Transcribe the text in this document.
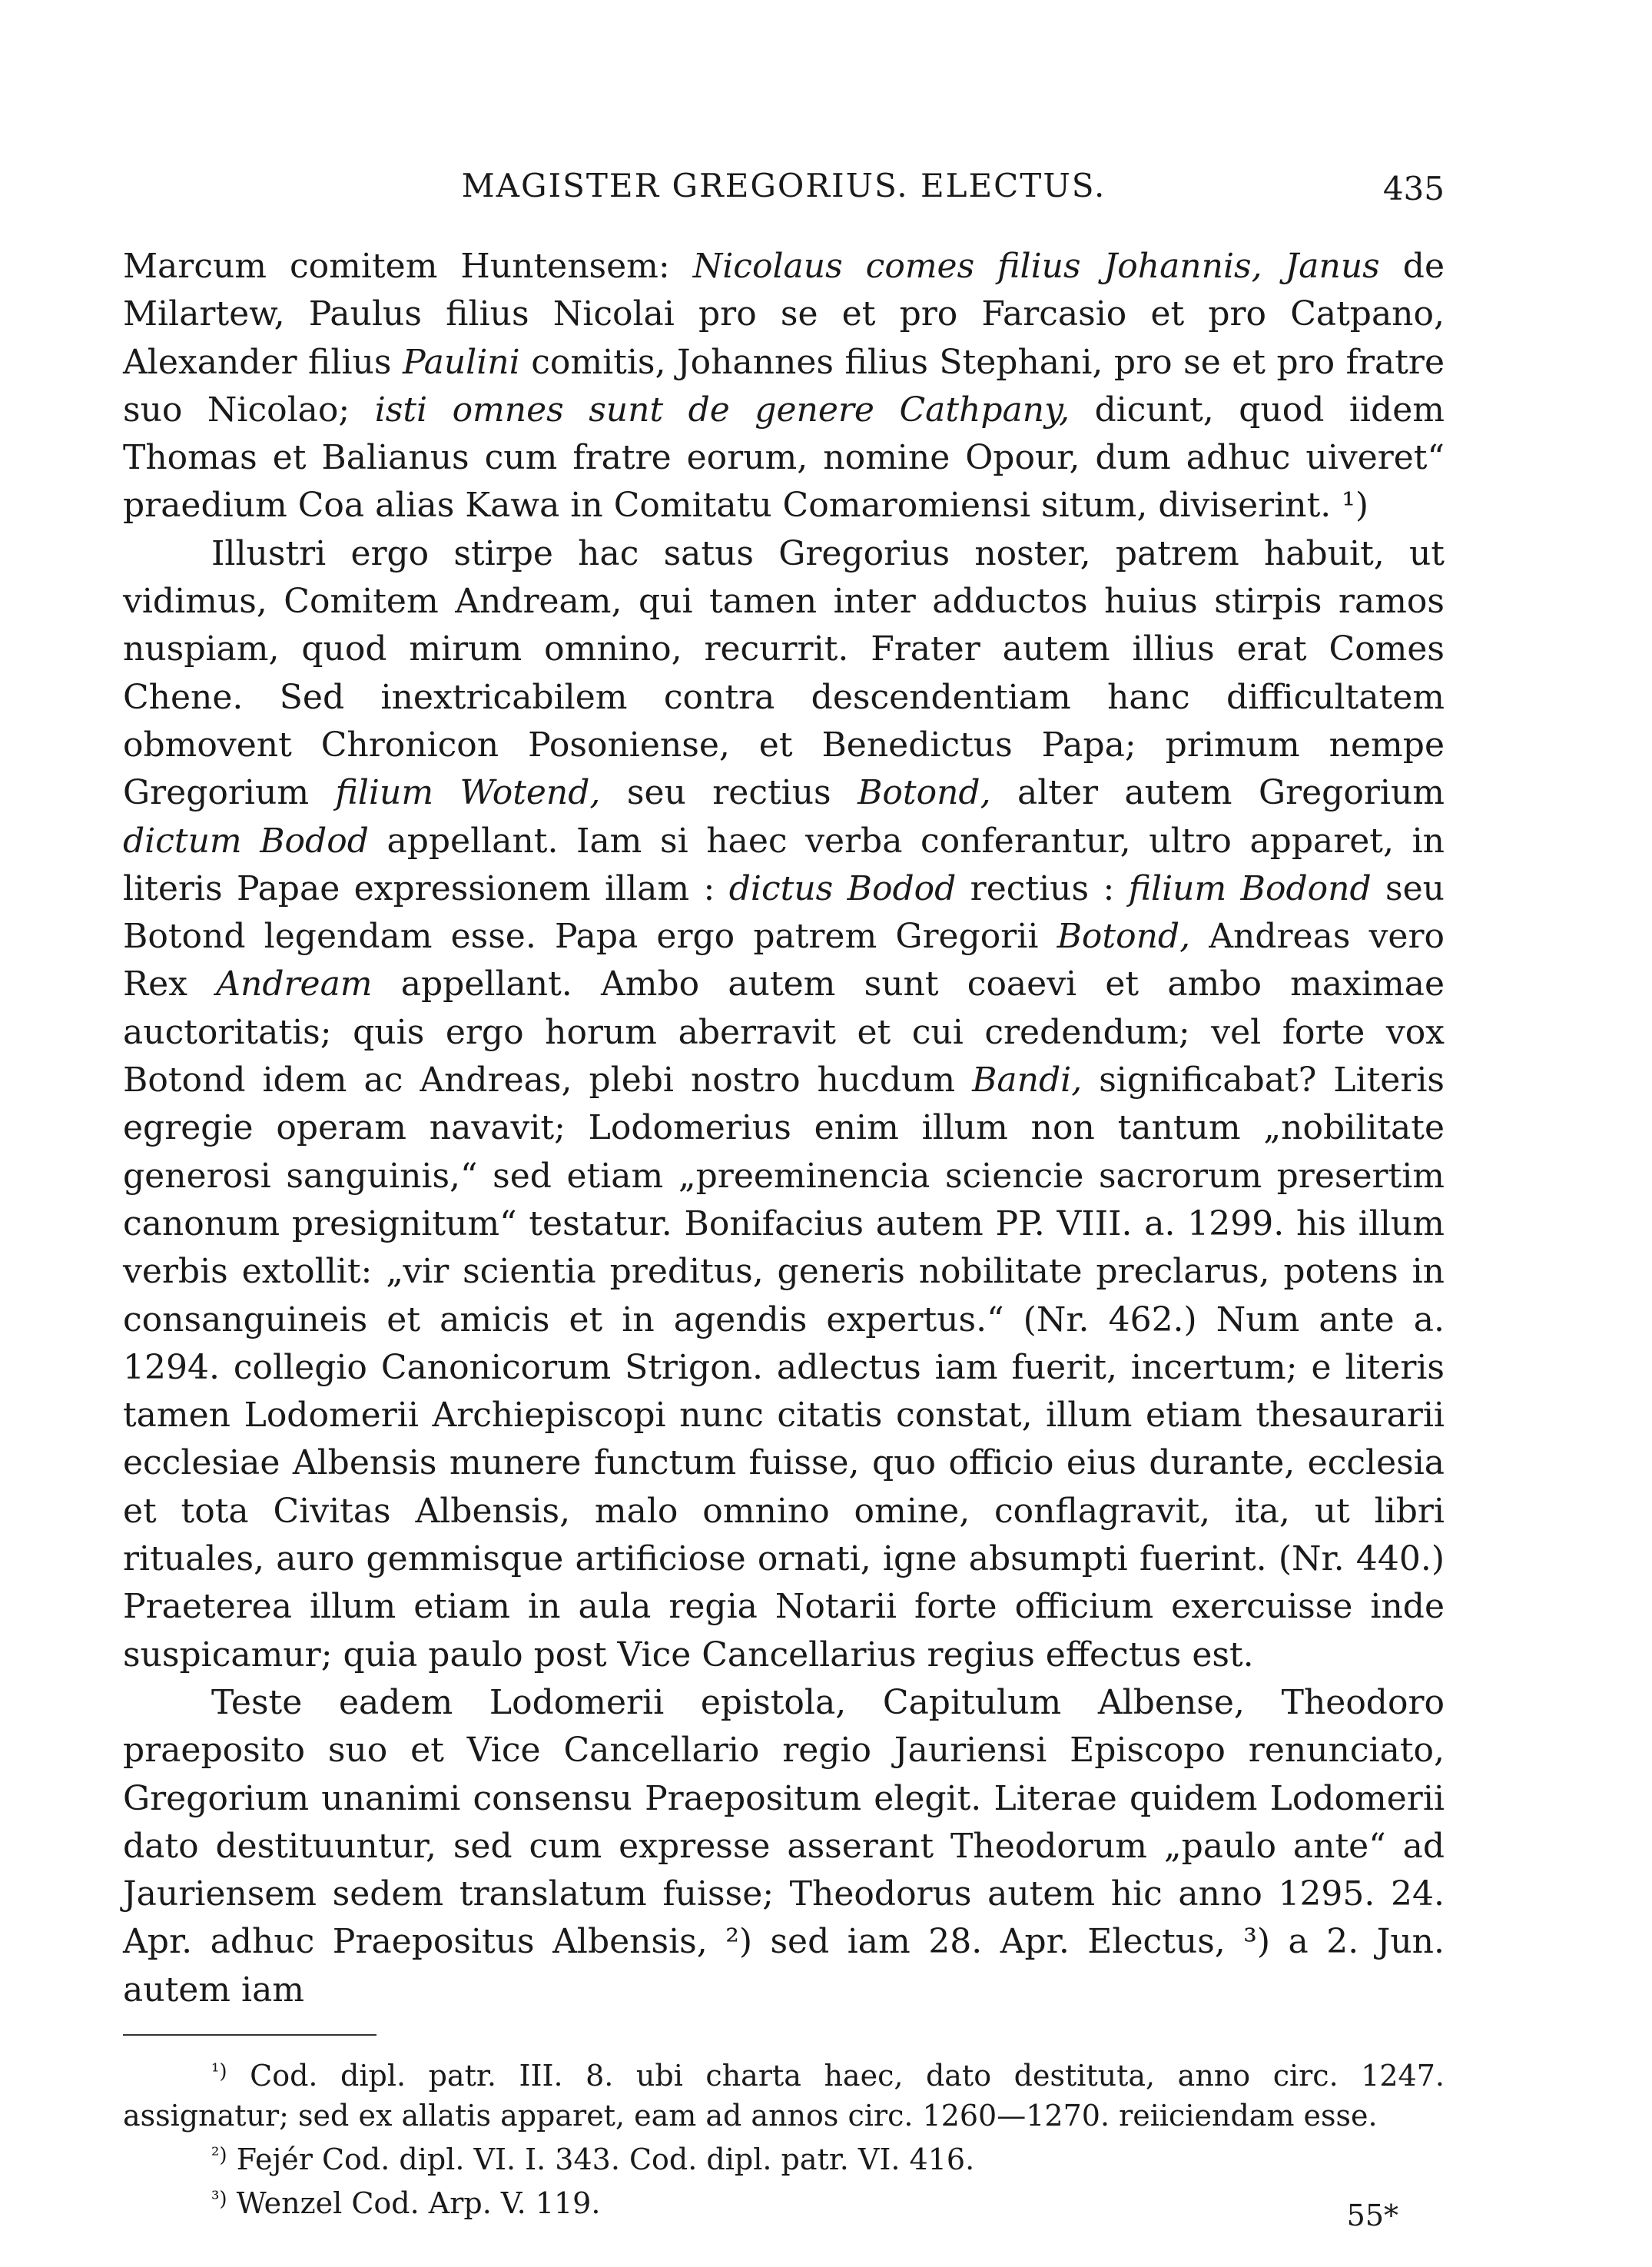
MAGISTER GREGORIUS. ELECTUS.	435

Marcum comitem Huntensem: Nicolaus comes filius Johannis, Janus de Milartew, Paulus filius Nicolai pro se et pro Farcasio et pro Catpano, Alexander filius Paulini comitis, Johannes filius Stephani, pro se et pro fratre suo Nicolao; isti omnes sunt de genere Cathpany, dicunt, quod iidem Thomas et Balianus cum fratre eorum, nomine Opour, dum adhuc uiveret“ praedium Coa alias Kawa in Comitatu Comaromiensi situm, diviserint. ¹)

Illustri ergo stirpe hac satus Gregorius noster, patrem habuit, ut vidimus, Comitem Andream, qui tamen inter adductos huius stirpis ramos nuspiam, quod mirum omnino, recurrit. Frater autem illius erat Comes Chene. Sed inextricabilem contra descendentiam hanc difficultatem obmovent Chronicon Posoniense, et Benedictus Papa; primum nempe Gregorium filium Wotend, seu rectius Botond, alter autem Gregorium dictum Bodod appellant. Iam si haec verba conferantur, ultro apparet, in literis Papae expressionem illam : dictus Bodod rectius : filium Bodond seu Botond legendam esse. Papa ergo patrem Gregorii Botond, Andreas vero Rex Andream appellant. Ambo autem sunt coaevi et ambo maximae auctoritatis; quis ergo horum aberravit et cui credendum; vel forte vox Botond idem ac Andreas, plebi nostro hucdum Bandi, significabat? Literis egregie operam navavit; Lodomerius enim illum non tantum „nobilitate generosi sanguinis,“ sed etiam „preeminencia sciencie sacrorum presertim canonum presignitum“ testatur. Bonifacius autem PP. VIII. a. 1299. his illum verbis extollit: „vir scientia preditus, generis nobilitate preclarus, potens in consanguineis et amicis et in agendis expertus.“ (Nr. 462.) Num ante a. 1294. collegio Canonicorum Strigon. adlectus iam fuerit, incertum; e literis tamen Lodomerii Archiepiscopi nunc citatis constat, illum etiam thesaurarii ecclesiae Albensis munere functum fuisse, quo officio eius durante, ecclesia et tota Civitas Albensis, malo omnino omine, conflagravit, ita, ut libri rituales, auro gemmisque artificiose ornati, igne absumpti fuerint. (Nr. 440.) Praeterea illum etiam in aula regia Notarii forte officium exercuisse inde suspicamur; quia paulo post Vice Cancellarius regius effectus est.

Teste eadem Lodomerii epistola, Capitulum Albense, Theodoro praeposito suo et Vice Cancellario regio Jauriensi Episcopo renunciato, Gregorium unanimi consensu Praepositum elegit. Literae quidem Lodomerii dato destituuntur, sed cum expresse asserant Theodorum „paulo ante“ ad Jauriensem sedem translatum fuisse; Theodorus autem hic anno 1295. 24. Apr. adhuc Praepositus Albensis, ²) sed iam 28. Apr. Electus, ³) a 2. Jun. autem iam

$^{^1)}$ Cod. dipl. patr. III. 8. ubi charta haec, dato destituta, anno circ. 1247. assignatur; sed ex allatis apparet, eam ad annos circ. 1260—1270. reiiciendam esse.

$^{^2)}$ Fejér Cod. dipl. VI. I. 343. Cod. dipl. patr. VI. 416.

$^{^3)}$ Wenzel Cod. Arp. V. 119.	55*
